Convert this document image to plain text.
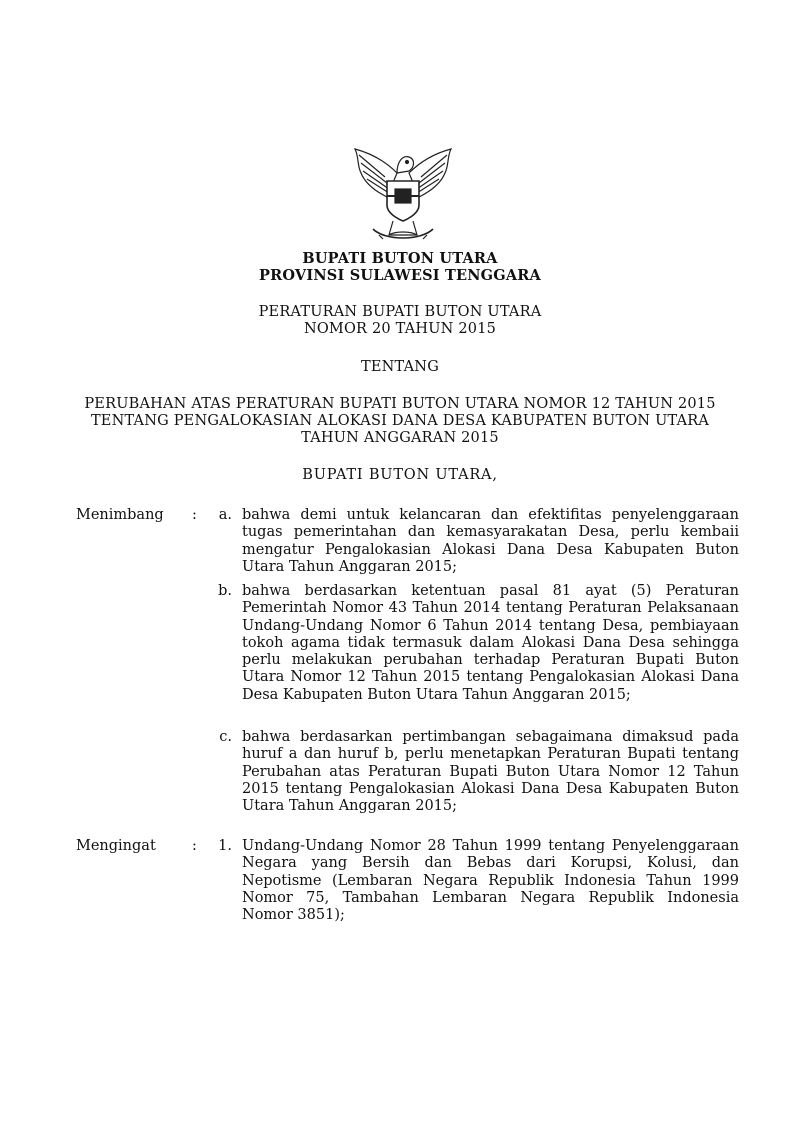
BUPATI BUTON UTARA
PROVINSI SULAWESI TENGGARA
PERATURAN BUPATI BUTON UTARA
NOMOR 20 TAHUN 2015
TENTANG
PERUBAHAN ATAS PERATURAN BUPATI BUTON UTARA NOMOR 12 TAHUN 2015
TENTANG PENGALOKASIAN ALOKASI DANA DESA KABUPATEN BUTON UTARA
TAHUN ANGGARAN 2015
BUPATI BUTON UTARA,
Menimbang :	a. bahwa demi untuk kelancaran dan efektifitas penyelenggaraan tugas pemerintahan dan kemasyarakatan Desa, perlu kembaii mengatur Pengalokasian Alokasi Dana Desa Kabupaten Buton Utara Tahun Anggaran 2015;
b. bahwa berdasarkan ketentuan pasal 81 ayat (5) Peraturan Pemerintah Nomor 43 Tahun 2014 tentang Peraturan Pelaksanaan Undang-Undang Nomor 6 Tahun 2014 tentang Desa, pembiayaan tokoh agama tidak termasuk dalam Alokasi Dana Desa sehingga perlu melakukan perubahan terhadap Peraturan Bupati Buton Utara Nomor 12 Tahun 2015 tentang Pengalokasian Alokasi Dana Desa Kabupaten Buton Utara Tahun Anggaran 2015;
c. bahwa berdasarkan pertimbangan sebagaimana dimaksud pada huruf a dan huruf b, perlu menetapkan Peraturan Bupati tentang Perubahan atas Peraturan Bupati Buton Utara Nomor 12 Tahun 2015 tentang Pengalokasian Alokasi Dana Desa Kabupaten Buton Utara Tahun Anggaran 2015;
Mengingat :	1. Undang-Undang Nomor 28 Tahun 1999 tentang Penyelenggaraan Negara yang Bersih dan Bebas dari Korupsi, Kolusi, dan Nepotisme (Lembaran Negara Republik Indonesia Tahun 1999 Nomor 75, Tambahan Lembaran Negara Republik Indonesia Nomor 3851);
